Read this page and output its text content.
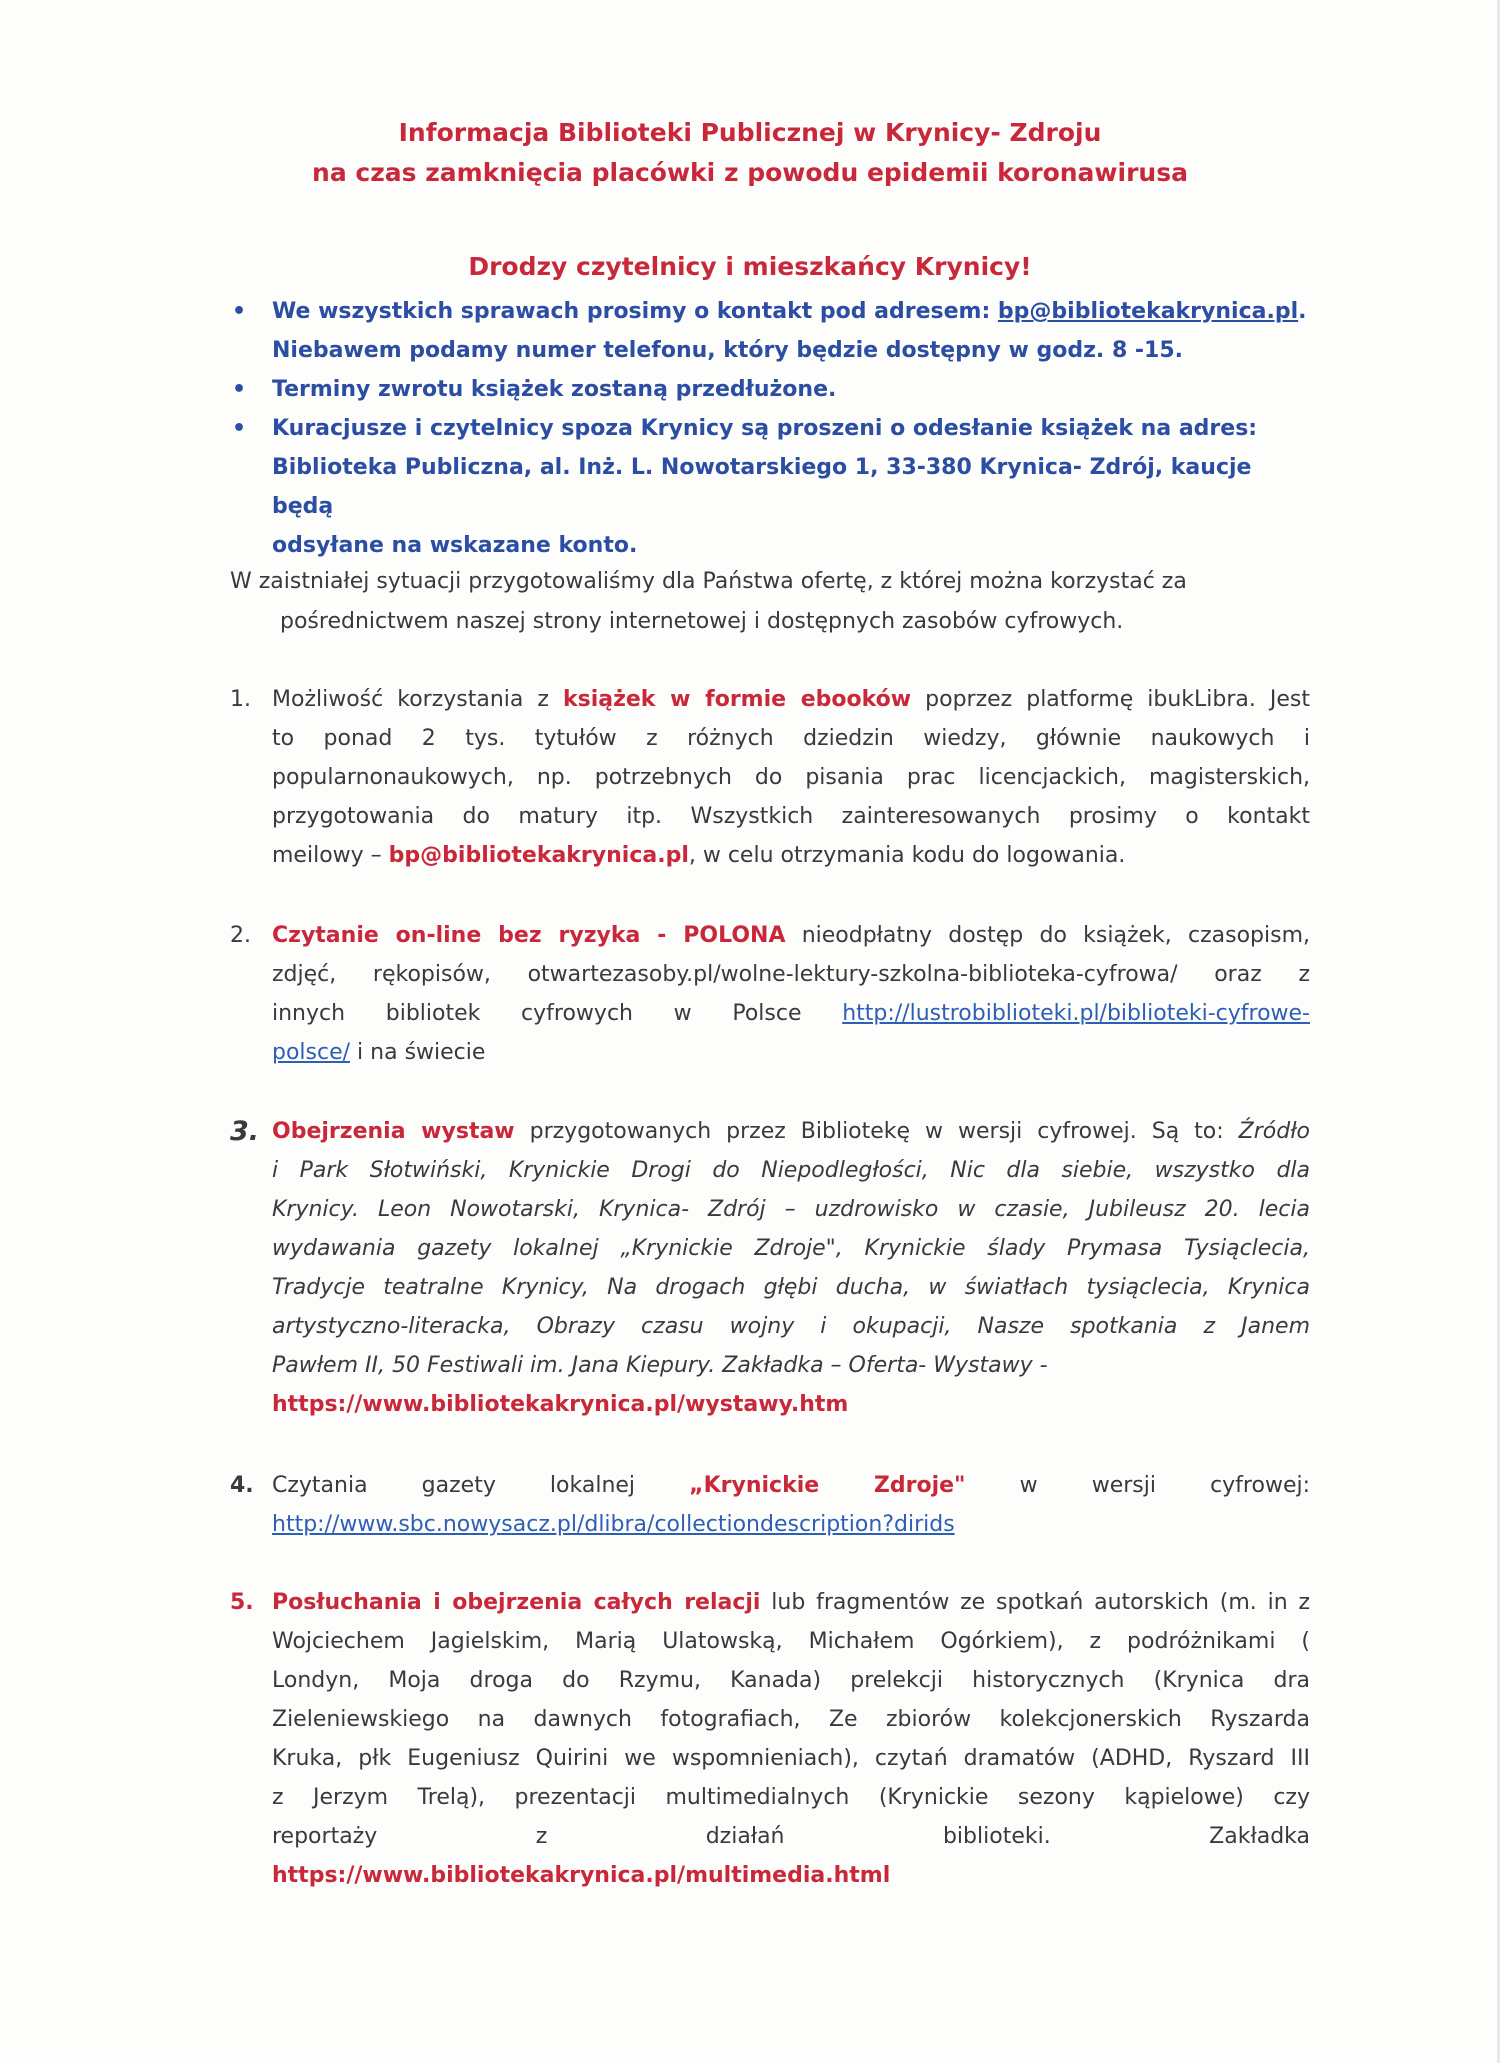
Informacja Biblioteki Publicznej w Krynicy- Zdroju
na czas zamknięcia placówki z powodu epidemii koronawirusa
Drodzy czytelnicy i mieszkańcy Krynicy!
• We wszystkich sprawach prosimy o kontakt pod adresem: bp@bibliotekakrynica.pl.
Niebawem podamy numer telefonu, który będzie dostępny w godz. 8 -15.
• Terminy zwrotu książek zostaną przedłużone.
• Kuracjusze i czytelnicy spoza Krynicy są proszeni o odesłanie książek na adres:
Biblioteka Publiczna, al. Inż. L. Nowotarskiego 1, 33-380 Krynica- Zdrój, kaucje będą
odsyłane na wskazane konto.
W zaistniałej sytuacji przygotowaliśmy dla Państwa ofertę, z której można korzystać za
pośrednictwem naszej strony internetowej i dostępnych zasobów cyfrowych.
1. Możliwość korzystania z książek w formie ebooków poprzez platformę ibukLibra. Jest
to ponad 2 tys. tytułów z różnych dziedzin wiedzy, głównie naukowych i
popularnonaukowych, np. potrzebnych do pisania prac licencjackich, magisterskich,
przygotowania do matury itp. Wszystkich zainteresowanych prosimy o kontakt
meilowy – bp@bibliotekakrynica.pl, w celu otrzymania kodu do logowania.
2. Czytanie on-line bez ryzyka - POLONA nieodpłatny dostęp do książek, czasopism,
zdjęć, rękopisów, otwartezasoby.pl/wolne-lektury-szkolna-biblioteka-cyfrowa/ oraz z
innych bibliotek cyfrowych w Polsce http://lustrobiblioteki.pl/biblioteki-cyfrowe-
polsce/ i na świecie
3. Obejrzenia wystaw przygotowanych przez Bibliotekę w wersji cyfrowej. Są to: Źródło
i Park Słotwiński, Krynickie Drogi do Niepodległości, Nic dla siebie, wszystko dla
Krynicy. Leon Nowotarski, Krynica- Zdrój – uzdrowisko w czasie, Jubileusz 20. lecia
wydawania gazety lokalnej „Krynickie Zdroje", Krynickie ślady Prymasa Tysiąclecia,
Tradycje teatralne Krynicy, Na drogach głębi ducha, w światłach tysiąclecia, Krynica
artystyczno-literacka, Obrazy czasu wojny i okupacji, Nasze spotkania z Janem
Pawłem II, 50 Festiwali im. Jana Kiepury. Zakładka – Oferta- Wystawy -
https://www.bibliotekakrynica.pl/wystawy.htm
4. Czytania gazety lokalnej „Krynickie Zdroje" w wersji cyfrowej:
http://www.sbc.nowysacz.pl/dlibra/collectiondescription?dirids
5. Posłuchania i obejrzenia całych relacji lub fragmentów ze spotkań autorskich (m. in z
Wojciechem Jagielskim, Marią Ulatowską, Michałem Ogórkiem), z podróżnikami (
Londyn, Moja droga do Rzymu, Kanada) prelekcji historycznych (Krynica dra
Zieleniewskiego na dawnych fotografiach, Ze zbiorów kolekcjonerskich Ryszarda
Kruka, płk Eugeniusz Quirini we wspomnieniach), czytań dramatów (ADHD, Ryszard III
z Jerzym Trelą), prezentacji multimedialnych (Krynickie sezony kąpielowe) czy
reportaży z działań biblioteki. Zakładka
https://www.bibliotekakrynica.pl/multimedia.html
